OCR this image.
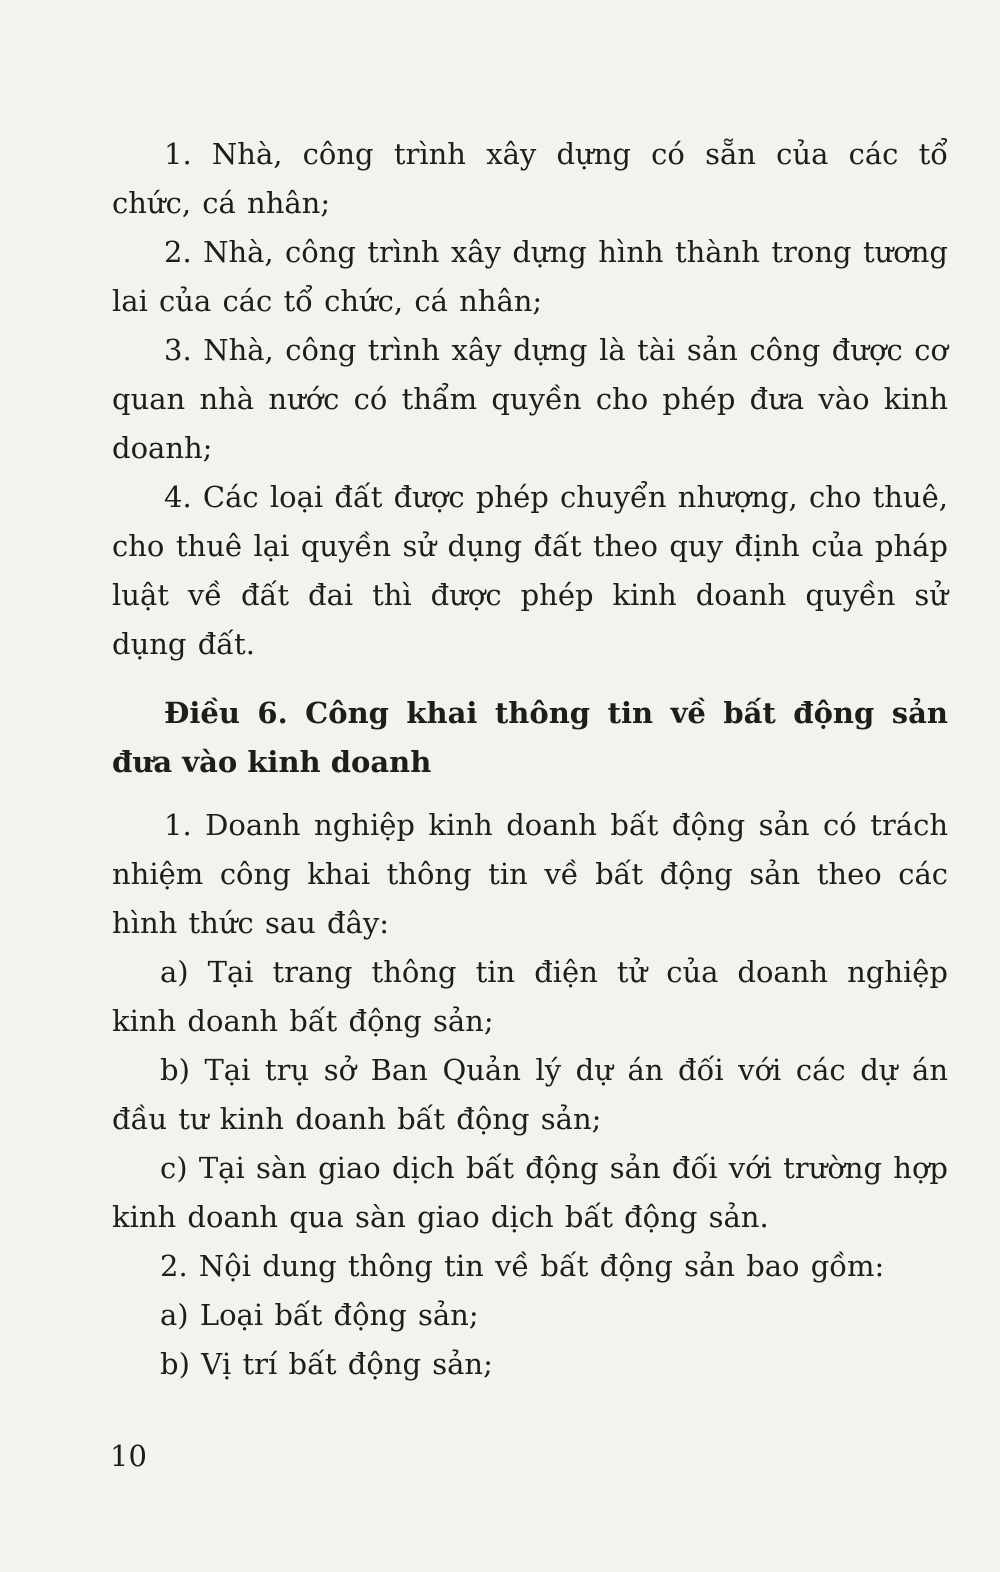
1. Nhà, công trình xây dựng có sẵn của các tổ chức, cá nhân;

2. Nhà, công trình xây dựng hình thành trong tương lai của các tổ chức, cá nhân;

3. Nhà, công trình xây dựng là tài sản công được cơ quan nhà nước có thẩm quyền cho phép đưa vào kinh doanh;

4. Các loại đất được phép chuyển nhượng, cho thuê, cho thuê lại quyền sử dụng đất theo quy định của pháp luật về đất đai thì được phép kinh doanh quyền sử dụng đất.

Điều 6. Công khai thông tin về bất động sản đưa vào kinh doanh

1. Doanh nghiệp kinh doanh bất động sản có trách nhiệm công khai thông tin về bất động sản theo các hình thức sau đây:

a) Tại trang thông tin điện tử của doanh nghiệp kinh doanh bất động sản;

b) Tại trụ sở Ban Quản lý dự án đối với các dự án đầu tư kinh doanh bất động sản;

c) Tại sàn giao dịch bất động sản đối với trường hợp kinh doanh qua sàn giao dịch bất động sản.

2. Nội dung thông tin về bất động sản bao gồm:

a) Loại bất động sản;

b) Vị trí bất động sản;

10
